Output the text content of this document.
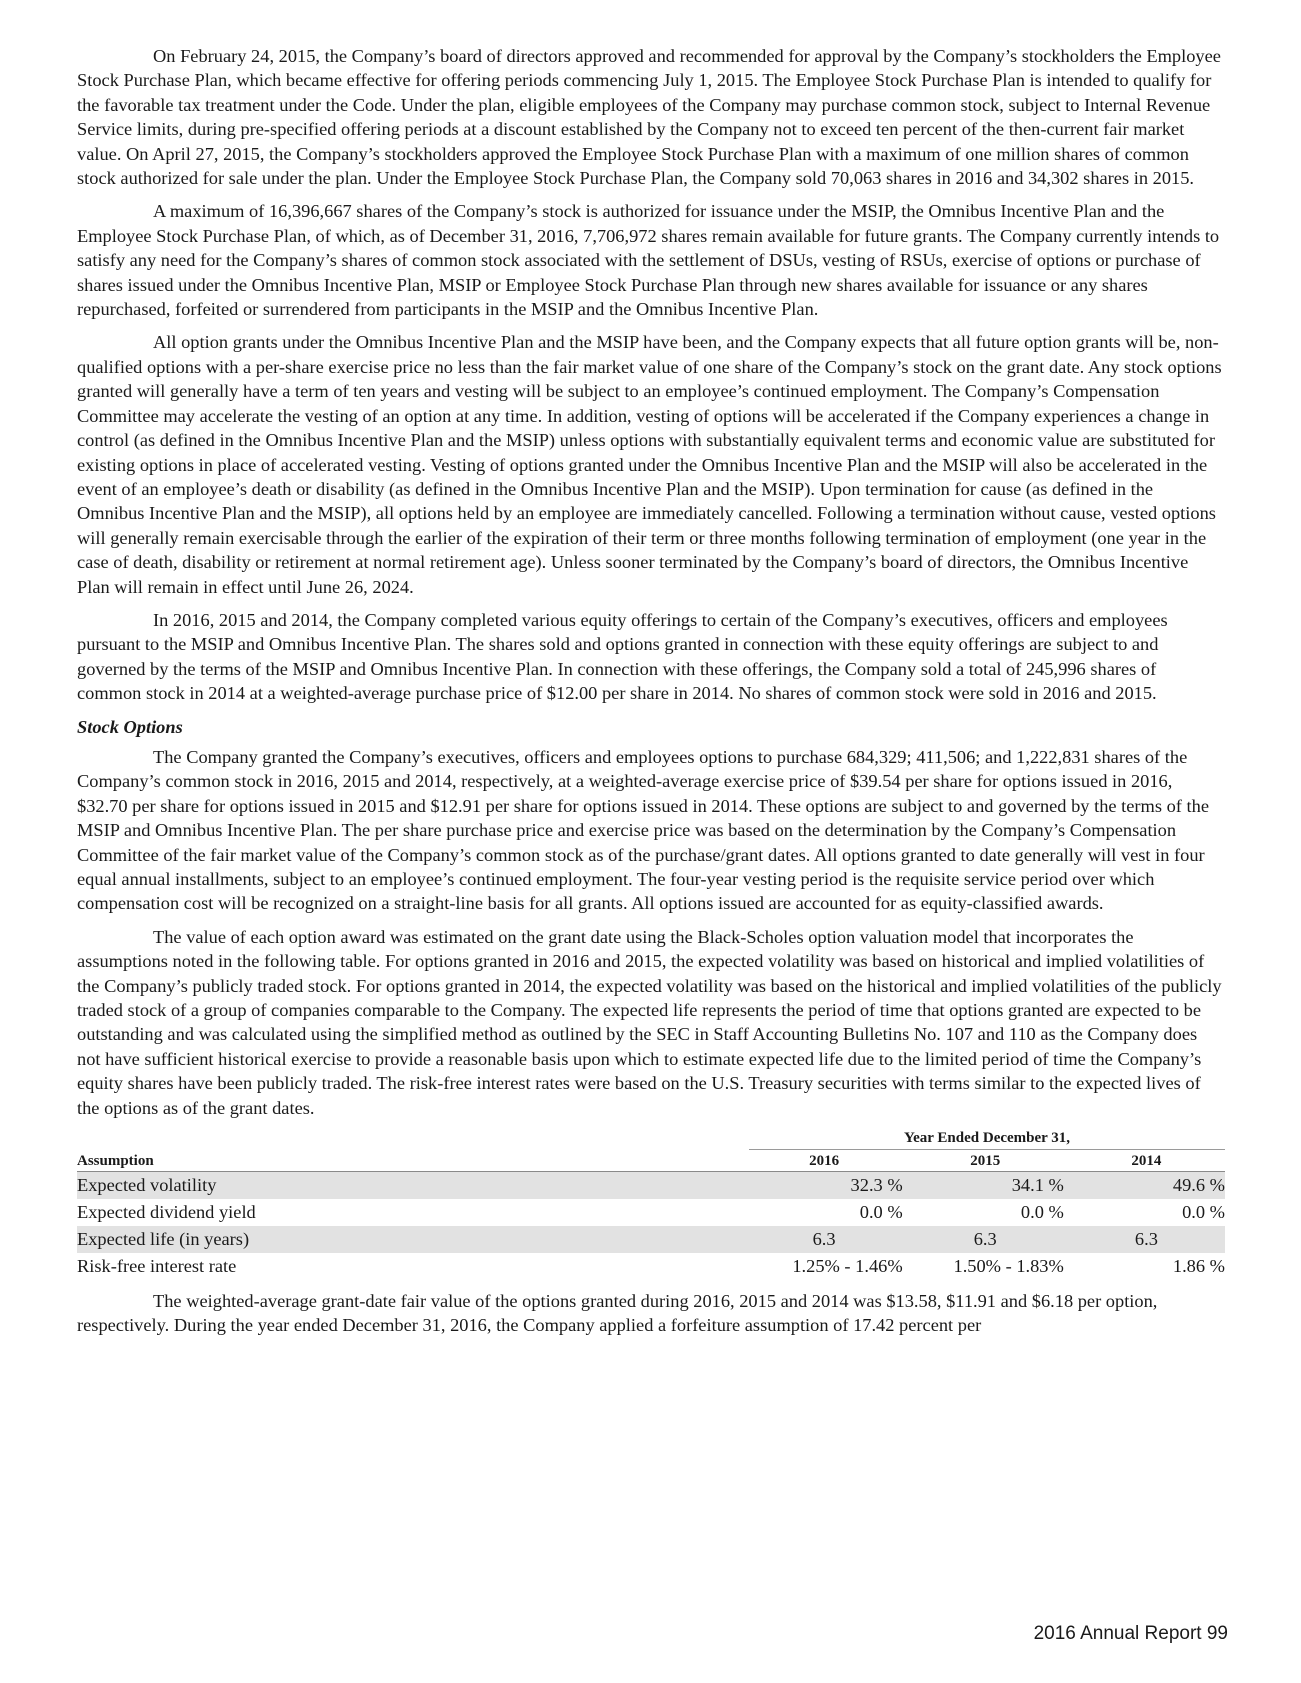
On February 24, 2015, the Company’s board of directors approved and recommended for approval by the Company’s stockholders the Employee Stock Purchase Plan, which became effective for offering periods commencing July 1, 2015. The Employee Stock Purchase Plan is intended to qualify for the favorable tax treatment under the Code. Under the plan, eligible employees of the Company may purchase common stock, subject to Internal Revenue Service limits, during pre-specified offering periods at a discount established by the Company not to exceed ten percent of the then-current fair market value. On April 27, 2015, the Company’s stockholders approved the Employee Stock Purchase Plan with a maximum of one million shares of common stock authorized for sale under the plan. Under the Employee Stock Purchase Plan, the Company sold 70,063 shares in 2016 and 34,302 shares in 2015.

A maximum of 16,396,667 shares of the Company’s stock is authorized for issuance under the MSIP, the Omnibus Incentive Plan and the Employee Stock Purchase Plan, of which, as of December 31, 2016, 7,706,972 shares remain available for future grants. The Company currently intends to satisfy any need for the Company’s shares of common stock associated with the settlement of DSUs, vesting of RSUs, exercise of options or purchase of shares issued under the Omnibus Incentive Plan, MSIP or Employee Stock Purchase Plan through new shares available for issuance or any shares repurchased, forfeited or surrendered from participants in the MSIP and the Omnibus Incentive Plan.

All option grants under the Omnibus Incentive Plan and the MSIP have been, and the Company expects that all future option grants will be, non-qualified options with a per-share exercise price no less than the fair market value of one share of the Company’s stock on the grant date. Any stock options granted will generally have a term of ten years and vesting will be subject to an employee’s continued employment. The Company’s Compensation Committee may accelerate the vesting of an option at any time. In addition, vesting of options will be accelerated if the Company experiences a change in control (as defined in the Omnibus Incentive Plan and the MSIP) unless options with substantially equivalent terms and economic value are substituted for existing options in place of accelerated vesting. Vesting of options granted under the Omnibus Incentive Plan and the MSIP will also be accelerated in the event of an employee’s death or disability (as defined in the Omnibus Incentive Plan and the MSIP). Upon termination for cause (as defined in the Omnibus Incentive Plan and the MSIP), all options held by an employee are immediately cancelled. Following a termination without cause, vested options will generally remain exercisable through the earlier of the expiration of their term or three months following termination of employment (one year in the case of death, disability or retirement at normal retirement age). Unless sooner terminated by the Company’s board of directors, the Omnibus Incentive Plan will remain in effect until June 26, 2024.

In 2016, 2015 and 2014, the Company completed various equity offerings to certain of the Company’s executives, officers and employees pursuant to the MSIP and Omnibus Incentive Plan. The shares sold and options granted in connection with these equity offerings are subject to and governed by the terms of the MSIP and Omnibus Incentive Plan. In connection with these offerings, the Company sold a total of 245,996 shares of common stock in 2014 at a weighted-average purchase price of $12.00 per share in 2014. No shares of common stock were sold in 2016 and 2015.

Stock Options

The Company granted the Company’s executives, officers and employees options to purchase 684,329; 411,506; and 1,222,831 shares of the Company’s common stock in 2016, 2015 and 2014, respectively, at a weighted-average exercise price of $39.54 per share for options issued in 2016, $32.70 per share for options issued in 2015 and $12.91 per share for options issued in 2014. These options are subject to and governed by the terms of the MSIP and Omnibus Incentive Plan. The per share purchase price and exercise price was based on the determination by the Company’s Compensation Committee of the fair market value of the Company’s common stock as of the purchase/grant dates. All options granted to date generally will vest in four equal annual installments, subject to an employee’s continued employment. The four-year vesting period is the requisite service period over which compensation cost will be recognized on a straight-line basis for all grants. All options issued are accounted for as equity-classified awards.

The value of each option award was estimated on the grant date using the Black-Scholes option valuation model that incorporates the assumptions noted in the following table. For options granted in 2016 and 2015, the expected volatility was based on historical and implied volatilities of the Company’s publicly traded stock. For options granted in 2014, the expected volatility was based on the historical and implied volatilities of the publicly traded stock of a group of companies comparable to the Company. The expected life represents the period of time that options granted are expected to be outstanding and was calculated using the simplified method as outlined by the SEC in Staff Accounting Bulletins No. 107 and 110 as the Company does not have sufficient historical exercise to provide a reasonable basis upon which to estimate expected life due to the limited period of time the Company’s equity shares have been publicly traded. The risk-free interest rates were based on the U.S. Treasury securities with terms similar to the expected lives of the options as of the grant dates.

Year Ended December 31,
Assumption	2016	2015	2014
Expected volatility	32.3 %	34.1 %	49.6 %
Expected dividend yield	0.0 %	0.0 %	0.0 %
Expected life (in years)	6.3	6.3	6.3
Risk-free interest rate	1.25% - 1.46%	1.50% - 1.83%	1.86 %

The weighted-average grant-date fair value of the options granted during 2016, 2015 and 2014 was $13.58, $11.91 and $6.18 per option, respectively. During the year ended December 31, 2016, the Company applied a forfeiture assumption of 17.42 percent per

2016 Annual Report 99
